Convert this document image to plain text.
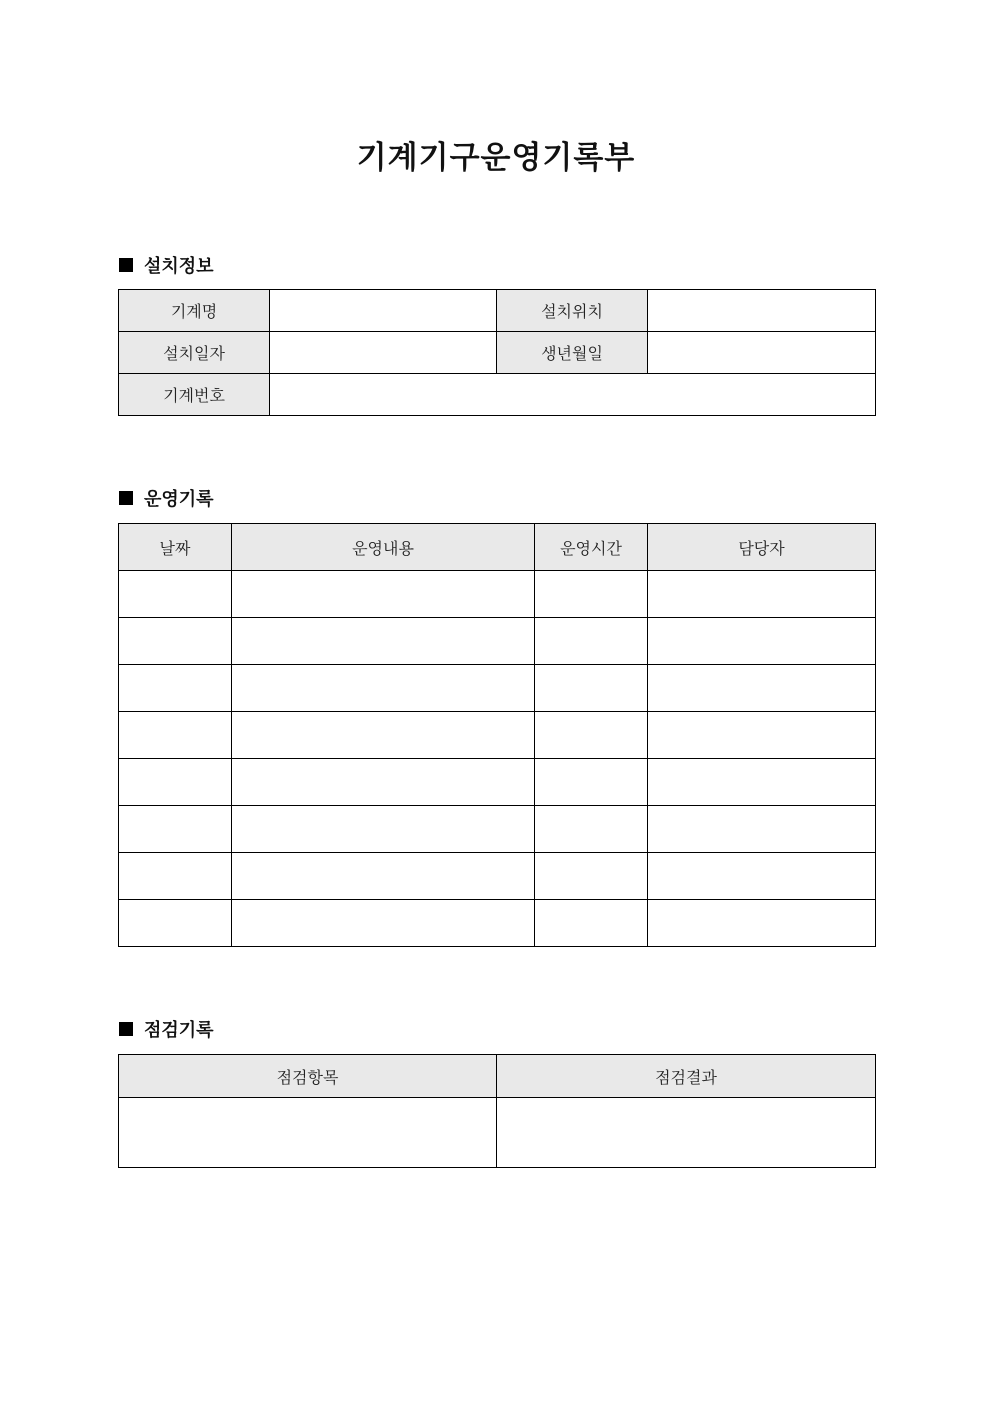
기계기구운영기록부
설치정보
기계명		설치위치	
설치일자		생년월일	
기계번호			
운영기록
날짜	운영내용	운영시간	담당자

점검기록
점검항목	점검결과
